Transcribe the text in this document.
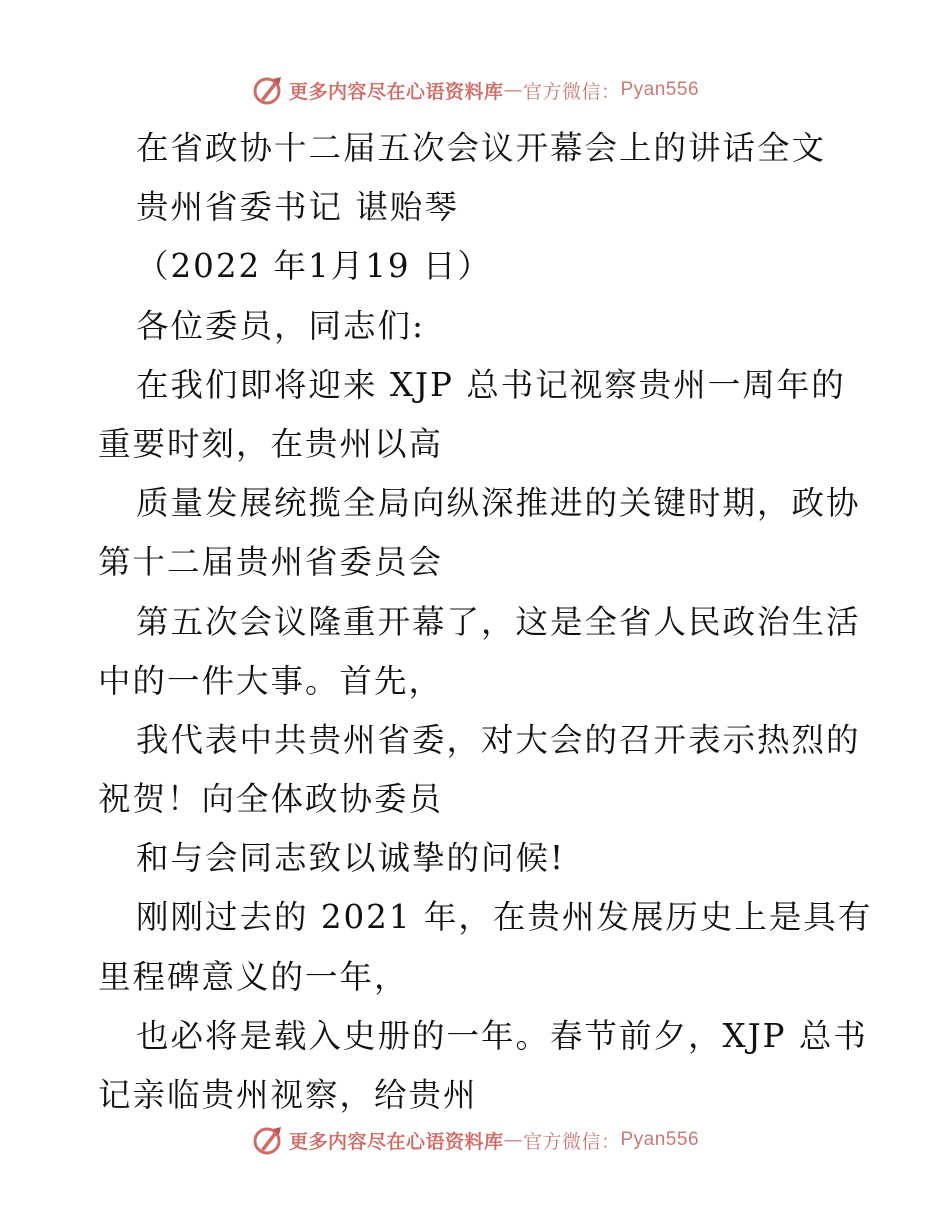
更多内容尽在心语资料库 — 官方微信： Pyan556
在省政协十二届五次会议开幕会上的讲话全文
贵州省委书记 谌贻琴
（2022 年1月19 日）
各位委员，同志们:
在我们即将迎来 XJP 总书记视察贵州一周年的
重要时刻，在贵州以高
质量发展统揽全局向纵深推进的关键时期，政协
第十二届贵州省委员会
第五次会议隆重开幕了，这是全省人民政治生活
中的一件大事。首先，
我代表中共贵州省委，对大会的召开表示热烈的
祝贺！向全体政协委员
和与会同志致以诚挚的问候!
刚刚过去的 2021 年，在贵州发展历史上是具有
里程碑意义的一年，
也必将是载入史册的一年。春节前夕，XJP 总书
记亲临贵州视察，给贵州
更多内容尽在心语资料库 — 官方微信： Pyan556
